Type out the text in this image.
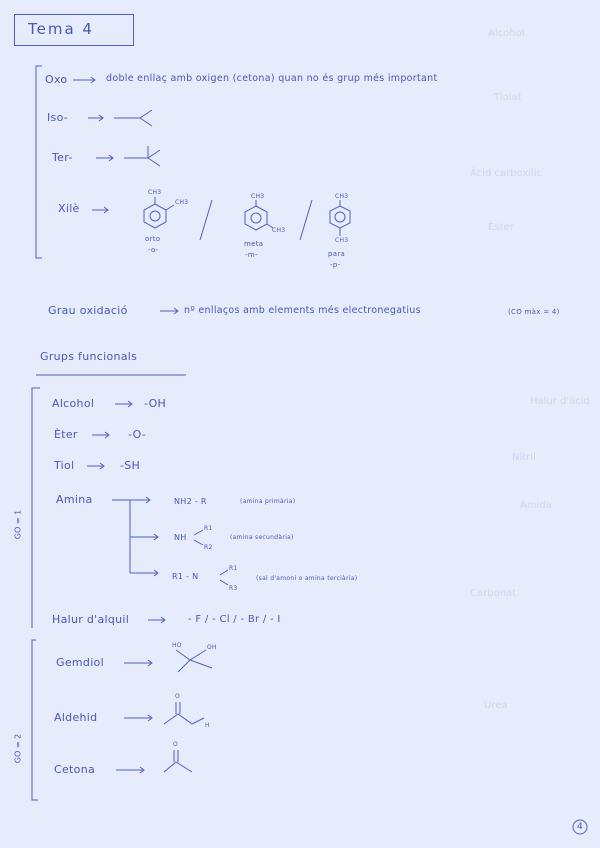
Alcohol
Tiolat
Àcid carboxílic
Èster
Halur d'àcid
Nitril
Amida
Carbonat
Urea
Tema 4
Oxo	doble enllaç amb oxigen (cetona) quan no és grup més important
Iso-
Ter-
Xilè
CH3
CH3
orto
-o-
CH3
CH3
meta
-m-
CH3
CH3
para
-p-
Grau oxidació	nº enllaços amb elements més electronegatius	(CO màx = 4)
Grups funcionals
GO = 1
GO = 2
Alcohol	-OH
Èter	-O-
Tiol	-SH
Amina	NH2 - R	(amina primària)
NH
R1
R2
(amina secundària)
R1 - N
R1
R3
(sal d'amoni o amina terciària)
Halur d'alquil	- F / - Cl / - Br / - I
Gemdiol
HO	OH
Aldehid
O
H
Cetona
O
4
